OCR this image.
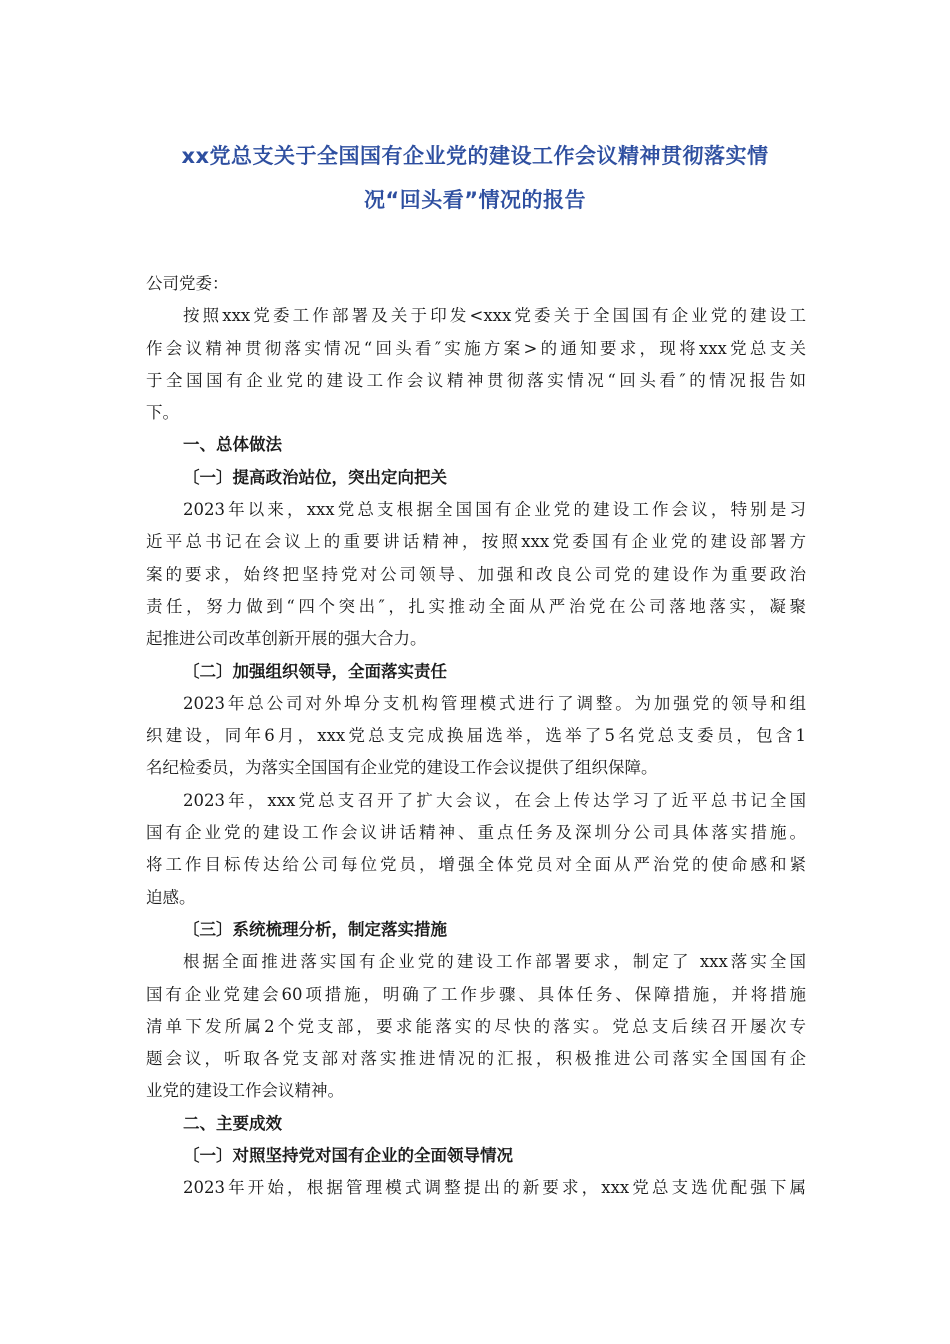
xx党总支关于全国国有企业党的建设工作会议精神贯彻落实情
况“回头看”情况的报告
公司党委：
按照xxx党委工作部署及关于印发<xxx党委关于全国国有企业党的建设工
作会议精神贯彻落实情况“回头看″实施方案>的通知要求，现将xxx党总支关
于全国国有企业党的建设工作会议精神贯彻落实情况“回头看″的情况报告如
下。
一、总体做法
〔一〕提高政治站位，突出定向把关
2023年以来，xxx党总支根据全国国有企业党的建设工作会议，特别是习
近平总书记在会议上的重要讲话精神，按照xxx党委国有企业党的建设部署方
案的要求，始终把坚持党对公司领导、加强和改良公司党的建设作为重要政治
责任，努力做到“四个突出″，扎实推动全面从严治党在公司落地落实，凝聚
起推进公司改革创新开展的强大合力。
〔二〕加强组织领导，全面落实责任
2023年总公司对外埠分支机构管理模式进行了调整。为加强党的领导和组
织建设，同年6月，xxx党总支完成换届选举，选举了5名党总支委员，包含1
名纪检委员，为落实全国国有企业党的建设工作会议提供了组织保障。
2023年，xxx党总支召开了扩大会议，在会上传达学习了近平总书记全国
国有企业党的建设工作会议讲话精神、重点任务及深圳分公司具体落实措施。
将工作目标传达给公司每位党员，增强全体党员对全面从严治党的使命感和紧
迫感。
〔三〕系统梳理分析，制定落实措施
根据全面推进落实国有企业党的建设工作部署要求，制定了 xxx落实全国
国有企业党建会60项措施，明确了工作步骤、具体任务、保障措施，并将措施
清单下发所属2个党支部，要求能落实的尽快的落实。党总支后续召开屡次专
题会议，听取各党支部对落实推进情况的汇报，积极推进公司落实全国国有企
业党的建设工作会议精神。
二、主要成效
〔一〕对照坚持党对国有企业的全面领导情况
2023年开始，根据管理模式调整提出的新要求，xxx党总支选优配强下属
